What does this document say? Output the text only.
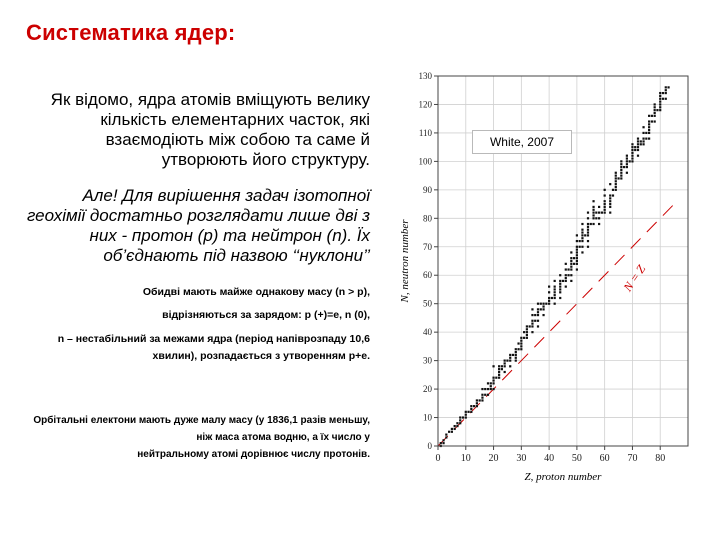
Систематика ядер:
Як відомо, ядра атомів вміщують велику кількість елементарних часток, які взаємодіють між собою та саме й утворюють його структуру.
Але! Для вирішення задач ізотопної геохімії достатньо розглядати лише дві з них - протон (р) та нейтрон (n). Їх об’єднають під назвою ‘‘нуклони’’
Обидві мають майже однакову масу (n > p),
відрізняються за зарядом: p (+)=e, n (0),
n – нестабільний за межами ядра (період напіврозпаду 10,6 хвилин), розпадається з утворенням p+e.
Орбітальні електони мають дуже малу масу (у 1836,1 разів меньшу, ніж маса атома водню, а їх число у
нейтральному атомі дорівнює числу протонів.	0 10 20 30 40 50 60 70 80
0
10
20
30
40
50
60
70
80
90
100
110
120
130
Z, proton number
N, neutron number	N = Z
White, 2007
